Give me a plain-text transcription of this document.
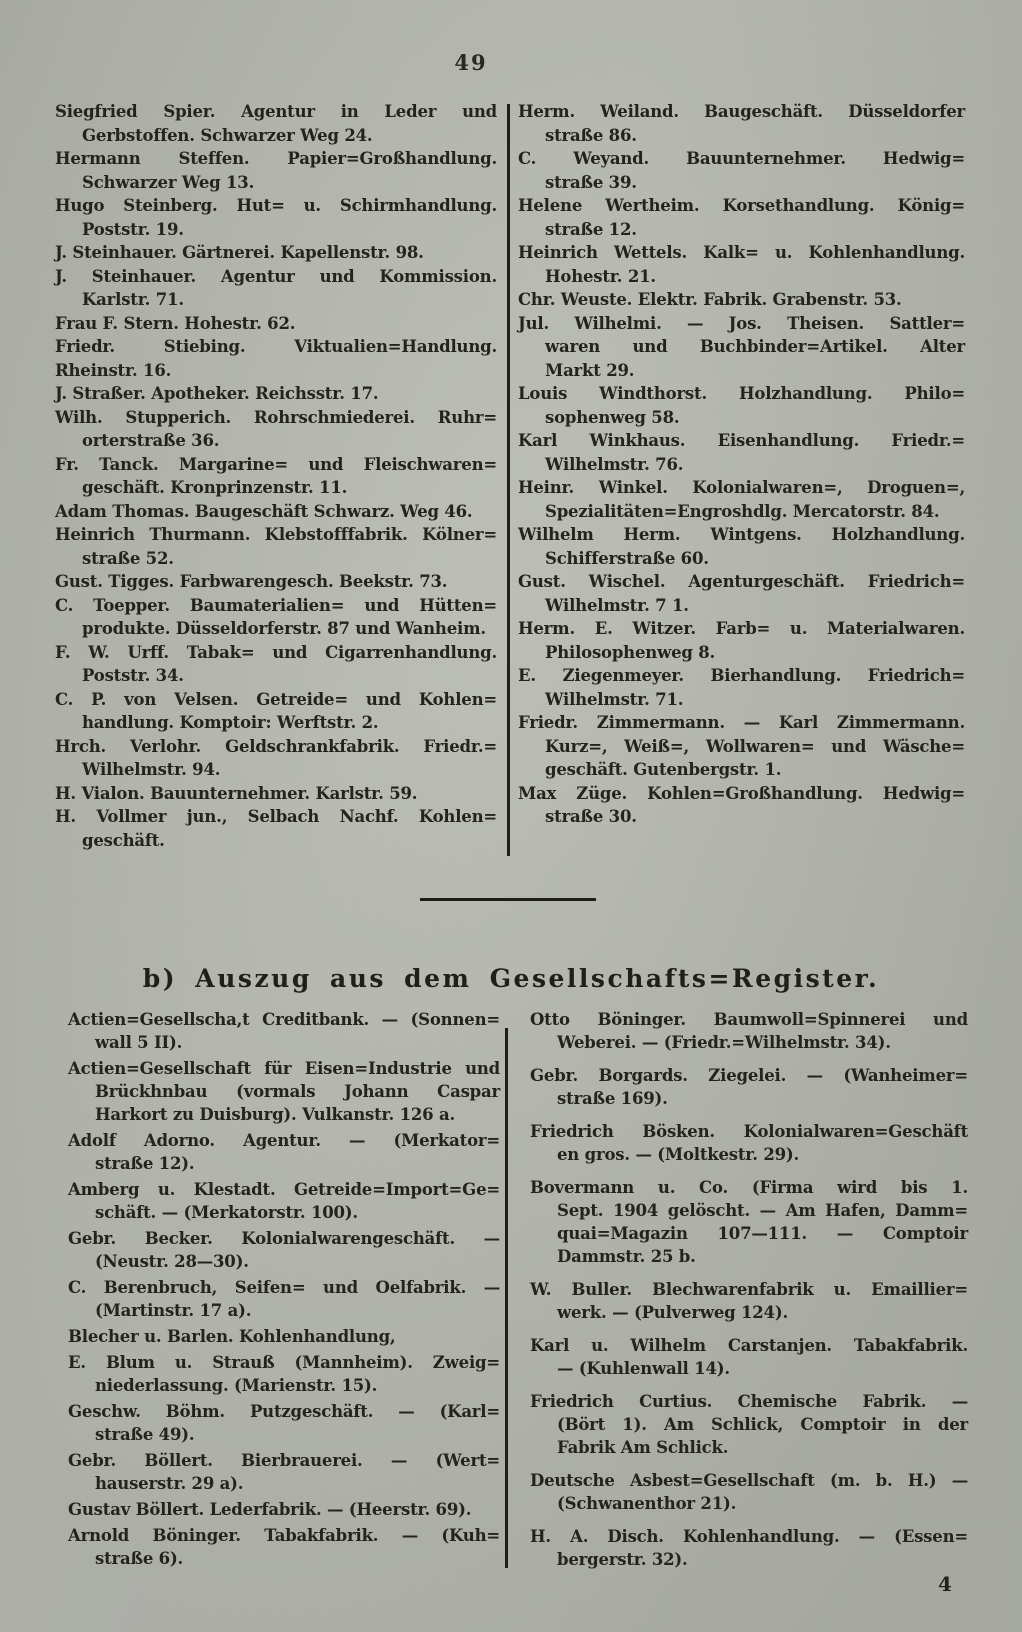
49

Siegfried Spier. Agentur in Leder und
Gerbstoffen. Schwarzer Weg 24.

Hermann Steffen. Papier=Großhandlung.
Schwarzer Weg 13.

Hugo Steinberg. Hut= u. Schirmhandlung.
Poststr. 19.

J. Steinhauer. Gärtnerei. Kapellenstr. 98.

J. Steinhauer. Agentur und Kommission.
Karlstr. 71.

Frau F. Stern. Hohestr. 62.

Friedr. Stiebing. Viktualien=Handlung.
Rheinstr. 16.

J. Straßer. Apotheker. Reichsstr. 17.

Wilh. Stupperich. Rohrschmiederei. Ruhr=
orterstraße 36.

Fr. Tanck. Margarine= und Fleischwaren=
geschäft. Kronprinzenstr. 11.

Adam Thomas. Baugeschäft Schwarz. Weg 46.

Heinrich Thurmann. Klebstofffabrik. Kölner=
straße 52.

Gust. Tigges. Farbwarengesch. Beekstr. 73.

C. Toepper. Baumaterialien= und Hütten=
produkte. Düsseldorferstr. 87 und Wanheim.

F. W. Urff. Tabak= und Cigarrenhandlung.
Poststr. 34.

C. P. von Velsen. Getreide= und Kohlen=
handlung. Komptoir: Werftstr. 2.

Hrch. Verlohr. Geldschrankfabrik. Friedr.=
Wilhelmstr. 94.

H. Vialon. Bauunternehmer. Karlstr. 59.

H. Vollmer jun., Selbach Nachf. Kohlen=
geschäft.

Herm. Weiland. Baugeschäft. Düsseldorfer
straße 86.

C. Weyand. Bauunternehmer. Hedwig=
straße 39.

Helene Wertheim. Korsethandlung. König=
straße 12.

Heinrich Wettels. Kalk= u. Kohlenhandlung.
Hohestr. 21.

Chr. Weuste. Elektr. Fabrik. Grabenstr. 53.

Jul. Wilhelmi. — Jos. Theisen. Sattler=
waren und Buchbinder=Artikel. Alter
Markt 29.

Louis Windthorst. Holzhandlung. Philo=
sophenweg 58.

Karl Winkhaus. Eisenhandlung. Friedr.=
Wilhelmstr. 76.

Heinr. Winkel. Kolonialwaren=, Droguen=,
Spezialitäten=Engroshdlg. Mercatorstr. 84.

Wilhelm Herm. Wintgens. Holzhandlung.
Schifferstraße 60.

Gust. Wischel. Agenturgeschäft. Friedrich=
Wilhelmstr. 7 1.

Herm. E. Witzer. Farb= u. Materialwaren.
Philosophenweg 8.

E. Ziegenmeyer. Bierhandlung. Friedrich=
Wilhelmstr. 71.

Friedr. Zimmermann. — Karl Zimmermann.
Kurz=, Weiß=, Wollwaren= und Wäsche=
geschäft. Gutenbergstr. 1.

Max Züge. Kohlen=Großhandlung. Hedwig=
straße 30.

b) Auszug aus dem Gesellschafts=Register.

Actien=Gesellscha,t Creditbank. — (Sonnen=
wall 5 II).

Actien=Gesellschaft für Eisen=Industrie und
Brückhnbau (vormals Johann Caspar
Harkort zu Duisburg). Vulkanstr. 126 a.

Adolf Adorno. Agentur. — (Merkator=
straße 12).

Amberg u. Klestadt. Getreide=Import=Ge=
schäft. — (Merkatorstr. 100).

Gebr. Becker. Kolonialwarengeschäft. —
(Neustr. 28—30).

C. Berenbruch, Seifen= und Oelfabrik. —
(Martinstr. 17 a).

Blecher u. Barlen. Kohlenhandlung,

E. Blum u. Strauß (Mannheim). Zweig=
niederlassung. (Marienstr. 15).

Geschw. Böhm. Putzgeschäft. — (Karl=
straße 49).

Gebr. Böllert. Bierbrauerei. — (Wert=
hauserstr. 29 a).

Gustav Böllert. Lederfabrik. — (Heerstr. 69).

Arnold Böninger. Tabakfabrik. — (Kuh=
straße 6).

Otto Böninger. Baumwoll=Spinnerei und
Weberei. — (Friedr.=Wilhelmstr. 34).

Gebr. Borgards. Ziegelei. — (Wanheimer=
straße 169).

Friedrich Bösken. Kolonialwaren=Geschäft
en gros. — (Moltkestr. 29).

Bovermann u. Co. (Firma wird bis 1.
Sept. 1904 gelöscht. — Am Hafen, Damm=
quai=Magazin 107—111. — Comptoir
Dammstr. 25 b.

W. Buller. Blechwarenfabrik u. Emaillier=
werk. — (Pulverweg 124).

Karl u. Wilhelm Carstanjen. Tabakfabrik.
— (Kuhlenwall 14).

Friedrich Curtius. Chemische Fabrik. —
(Bört 1). Am Schlick, Comptoir in der
Fabrik Am Schlick.

Deutsche Asbest=Gesellschaft (m. b. H.) —
(Schwanenthor 21).

H. A. Disch. Kohlenhandlung. — (Essen=
bergerstr. 32).

4
